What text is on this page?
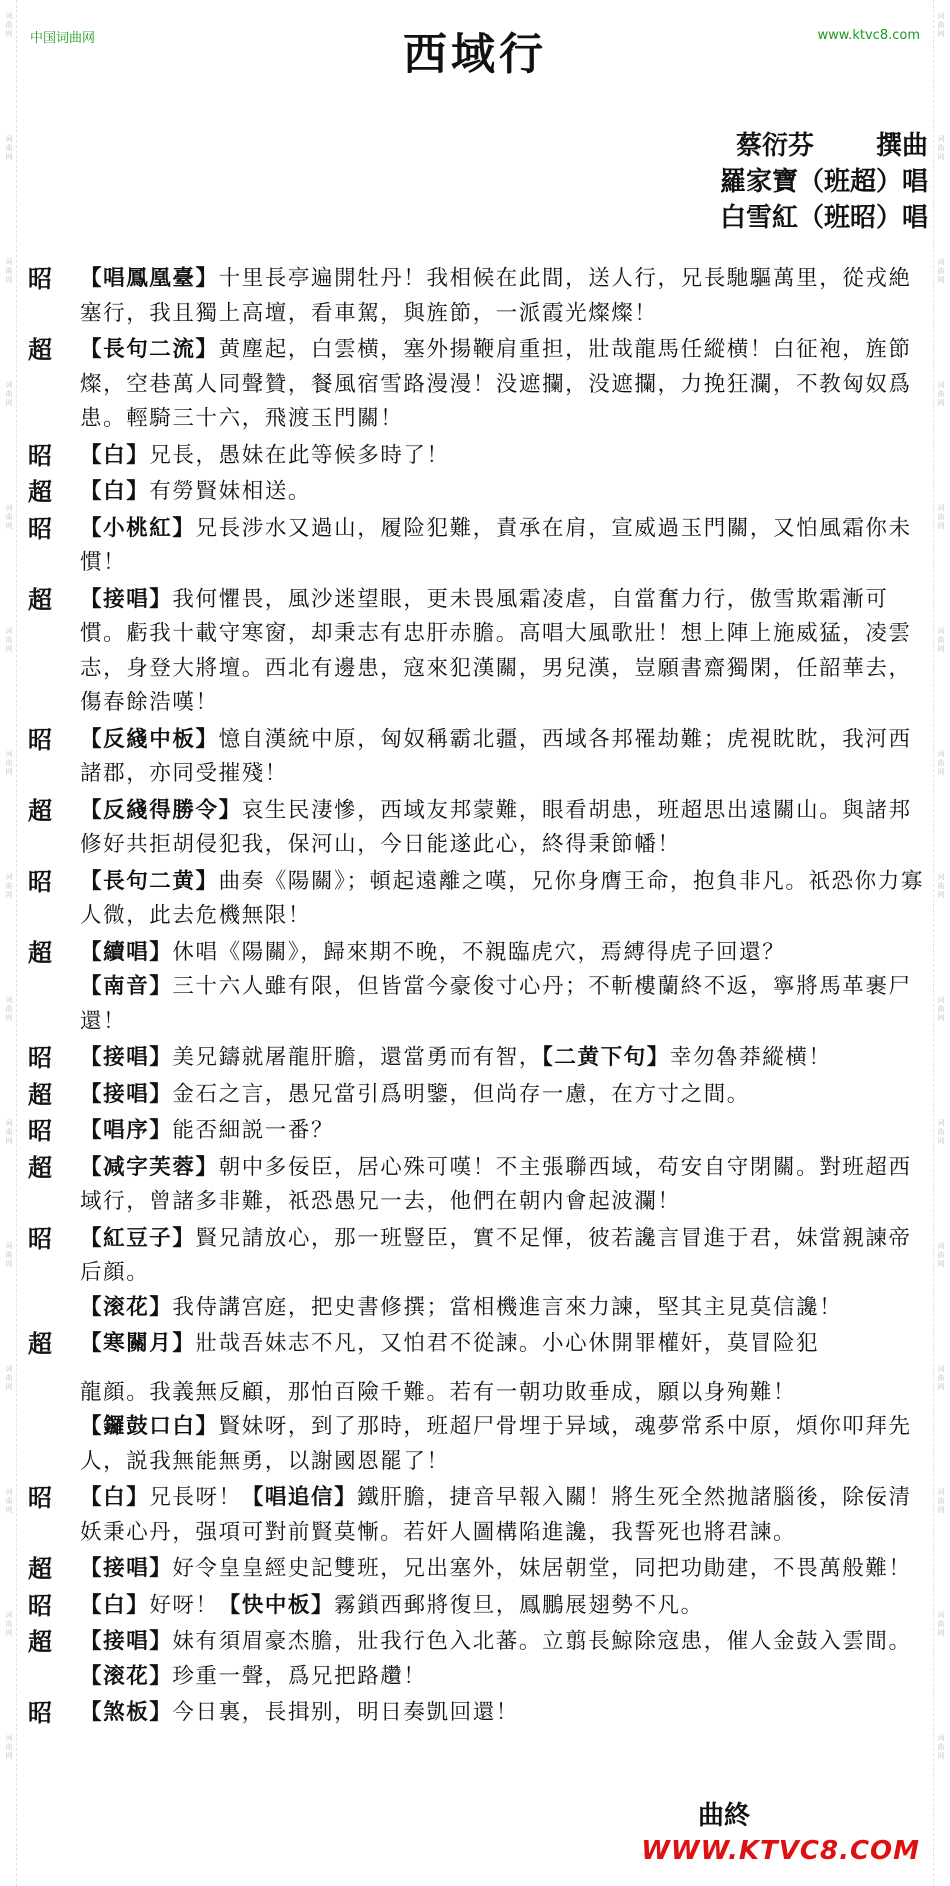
词曲网
词曲网
词曲网
词曲网
词曲网
词曲网
词曲网
词曲网
词曲网
词曲网
词曲网
词曲网
词曲网
词曲网
词曲网
词曲网
词曲网
词曲网
词曲网
词曲网
词曲网
词曲网
词曲网
词曲网
词曲网
词曲网
词曲网
词曲网
词曲网
词曲网
中国词曲网	www.ktvc8.com
西域行
蔡衍芬 撰曲
羅家寶（班超）唱
白雪紅（班昭）唱
昭	【唱鳳凰臺】十里長亭遍開牡丹！我相候在此間，送人行，兄長馳驅萬里，從戎絶塞行，我且獨上高壇，看車駕，與旌節，一派霞光燦燦！
超	【長句二流】黄塵起，白雲横，塞外揚鞭肩重担，壯哉龍馬任縱横！白征袍，旌節燦，空巷萬人同聲贊，餐風宿雪路漫漫！没遮攔，没遮攔，力挽狂瀾，不教匈奴爲患。輕騎三十六，飛渡玉門關！
昭	【白】兄長，愚妹在此等候多時了！
超	【白】有勞賢妹相送。
昭	【小桃紅】兄長涉水又過山，履险犯難，責承在肩，宣威過玉門關，又怕風霜你未慣！
超	【接唱】我何懼畏，風沙迷望眼，更未畏風霜凌虐，自當奮力行，傲雪欺霜漸可慣。虧我十載守寒窗，却秉志有忠肝赤膽。高唱大風歌壯！想上陣上施威猛，凌雲志，身登大將壇。西北有邊患，寇來犯漢關，男兒漢，豈願書齋獨閑，任韶華去，傷春餘浩嘆！
昭	【反綫中板】憶自漢統中原，匈奴稱霸北疆，西域各邦罹劫難；虎視眈眈，我河西諸郡，亦同受摧殘！
超	【反綫得勝令】哀生民淒慘，西域友邦蒙難，眼看胡患，班超思出遠關山。與諸邦修好共拒胡侵犯我，保河山，今日能遂此心，終得秉節幡！
昭	【長句二黄】曲奏《陽關》；頓起遠離之嘆，兄你身膺王命，抱負非凡。祇恐你力寡人微，此去危機無限！
超	【續唱】休唱《陽關》，歸來期不晚，不親臨虎穴，焉縛得虎子回還？
【南音】三十六人雖有限，但皆當今豪俊寸心丹；不斬樓蘭終不返，寧將馬革裹尸還！
昭	【接唱】美兄鑄就屠龍肝膽，還當勇而有智，【二黄下句】幸勿魯莽縱横！
超	【接唱】金石之言，愚兄當引爲明鑒，但尚存一慮，在方寸之間。
昭	【唱序】能否細説一番？
超	【减字芙蓉】朝中多佞臣，居心殊可嘆！不主張聯西域，苟安自守閉關。對班超西域行，曾諸多非難，祇恐愚兄一去，他們在朝内會起波瀾！
昭	【紅豆子】賢兄請放心，那一班豎臣，實不足惲，彼若讒言冒進于君，妹當親諫帝后顔。
【滚花】我侍講宫庭，把史書修撰；當相機進言來力諫，堅其主見莫信讒！
超	【寒關月】壯哉吾妹志不凡，又怕君不從諫。小心休開罪權奸，莫冒险犯
龍顔。我義無反顧，那怕百險千難。若有一朝功敗垂成，願以身殉難！
【鑼鼓口白】賢妹呀，到了那時，班超尸骨埋于异域，魂夢常系中原，煩你叩拜先人，説我無能無勇，以謝國恩罷了！
昭	【白】兄長呀！【唱追信】鐵肝膽，捷音早報入關！將生死全然拋諸腦後，除佞清妖秉心丹，强項可對前賢莫慚。若奸人圖構陷進讒，我誓死也將君諫。
超	【接唱】好令皇皇經史記雙班，兄出塞外，妹居朝堂，同把功勛建，不畏萬般難！
昭	【白】好呀！【快中板】霧鎖西郵將復旦，鳳鵬展翅勢不凡。
超	【接唱】妹有須眉豪杰膽，壯我行色入北蕃。立翦長鯨除寇患，催人金鼓入雲間。【滚花】珍重一聲，爲兄把路趲！
昭	【煞板】今日裏，長揖别，明日奏凱回還！
曲終
WWW.KTVC8.COM
